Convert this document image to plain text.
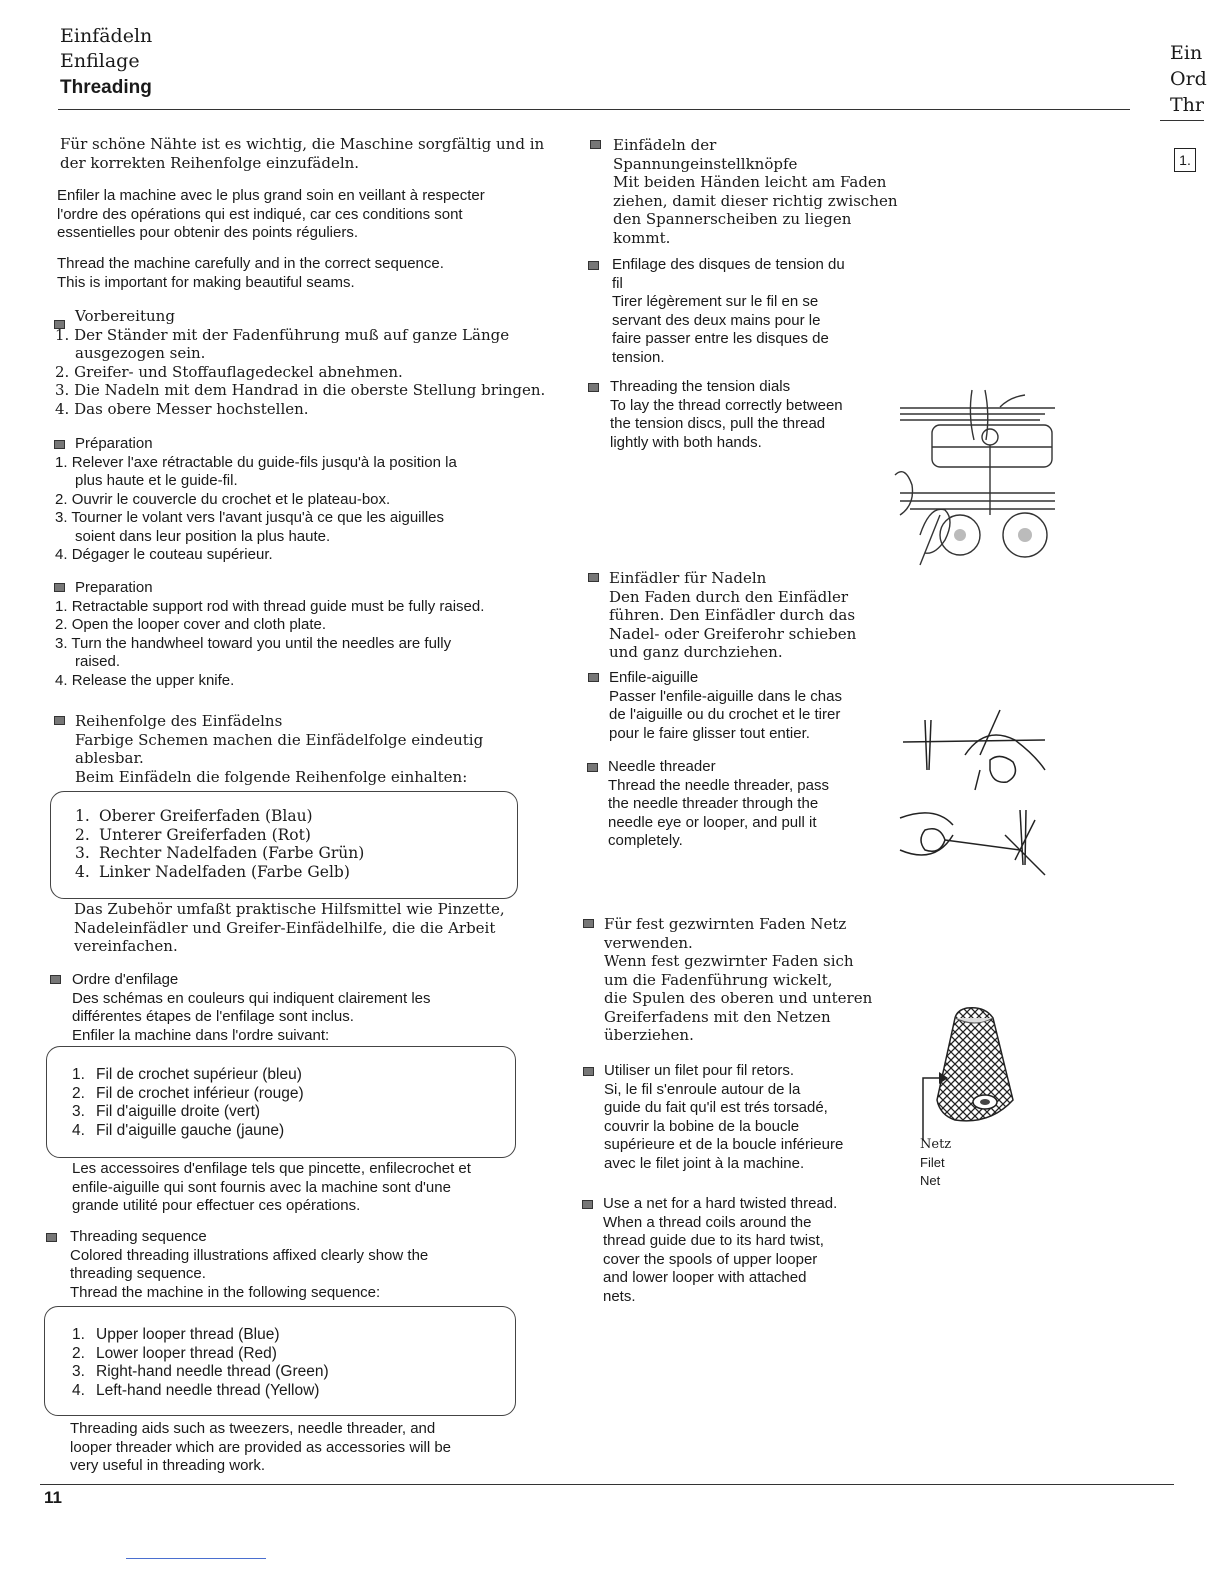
Einfädeln
Enfilage
Threading
Ein
Ord
Thr
1.
Für schöne Nähte ist es wichtig, die Maschine sorgfältig und in
der korrekten Reihenfolge einzufädeln.
Enfiler la machine avec le plus grand soin en veillant à respecter
l'ordre des opérations qui est indiqué, car ces conditions sont
essentielles pour obtenir des points réguliers.
Thread the machine carefully and in the correct sequence.
This is important for making beautiful seams.
Vorbereitung
1. Der Ständer mit der Fadenführung muß auf ganze Länge
ausgezogen sein.
2. Greifer- und Stoffauflagedeckel abnehmen.
3. Die Nadeln mit dem Handrad in die oberste Stellung bringen.
4. Das obere Messer hochstellen.
Préparation
1. Relever l'axe rétractable du guide-fils jusqu'à la position la
plus haute et le guide-fil.
2. Ouvrir le couvercle du crochet et le plateau-box.
3. Tourner le volant vers l'avant jusqu'à ce que les aiguilles
soient dans leur position la plus haute.
4. Dégager le couteau supérieur.
Preparation
1. Retractable support rod with thread guide must be fully raised.
2. Open the looper cover and cloth plate.
3. Turn the handwheel toward you until the needles are fully
raised.
4. Release the upper knife.
Reihenfolge des Einfädelns
Farbige Schemen machen die Einfädelfolge eindeutig
ablesbar.
Beim Einfädeln die folgende Reihenfolge einhalten:
1. Oberer Greiferfaden (Blau)
2. Unterer Greiferfaden (Rot)
3. Rechter Nadelfaden (Farbe Grün)
4. Linker Nadelfaden (Farbe Gelb)
Das Zubehör umfaßt praktische Hilfsmittel wie Pinzette,
Nadeleinfädler und Greifer-Einfädelhilfe, die die Arbeit
vereinfachen.
Ordre d'enfilage
Des schémas en couleurs qui indiquent clairement les
différentes étapes de l'enfilage sont inclus.
Enfiler la machine dans l'ordre suivant:
1. Fil de crochet supérieur (bleu)
2. Fil de crochet inférieur (rouge)
3. Fil d'aiguille droite (vert)
4. Fil d'aiguille gauche (jaune)
Les accessoires d'enfilage tels que pincette, enfilecrochet et
enfile-aiguille qui sont fournis avec la machine sont d'une
grande utilité pour effectuer ces opérations.
Threading sequence
Colored threading illustrations affixed clearly show the
threading sequence.
Thread the machine in the following sequence:
1. Upper looper thread (Blue)
2. Lower looper thread (Red)
3. Right-hand needle thread (Green)
4. Left-hand needle thread (Yellow)
Threading aids such as tweezers, needle threader, and
looper threader which are provided as accessories will be
very useful in threading work.
11
Einfädeln der
Spannungeinstellknöpfe
Mit beiden Händen leicht am Faden
ziehen, damit dieser richtig zwischen
den Spannerscheiben zu liegen
kommt.
Enfilage des disques de tension du
fil
Tirer légèrement sur le fil en se
servant des deux mains pour le
faire passer entre les disques de
tension.
Threading the tension dials
To lay the thread correctly between
the tension discs, pull the thread
lightly with both hands.
Einfädler für Nadeln
Den Faden durch den Einfädler
führen. Den Einfädler durch das
Nadel- oder Greiferohr schieben
und ganz durchziehen.
Enfile-aiguille
Passer l'enfile-aiguille dans le chas
de l'aiguille ou du crochet et le tirer
pour le faire glisser tout entier.
Needle threader
Thread the needle threader, pass
the needle threader through the
needle eye or looper, and pull it
completely.
Für fest gezwirnten Faden Netz
verwenden.
Wenn fest gezwirnter Faden sich
um die Fadenführung wickelt,
die Spulen des oberen und unteren
Greiferfadens mit den Netzen
überziehen.
Utiliser un filet pour fil retors.
Si, le fil s'enroule autour de la
guide du fait qu'il est trés torsadé,
couvrir la bobine de la boucle
supérieure et de la boucle inférieure
avec le filet joint à la machine.
Use a net for a hard twisted thread.
When a thread coils around the
thread guide due to its hard twist,
cover the spools of upper looper
and lower looper with attached
nets.
Netz
Filet
Net
